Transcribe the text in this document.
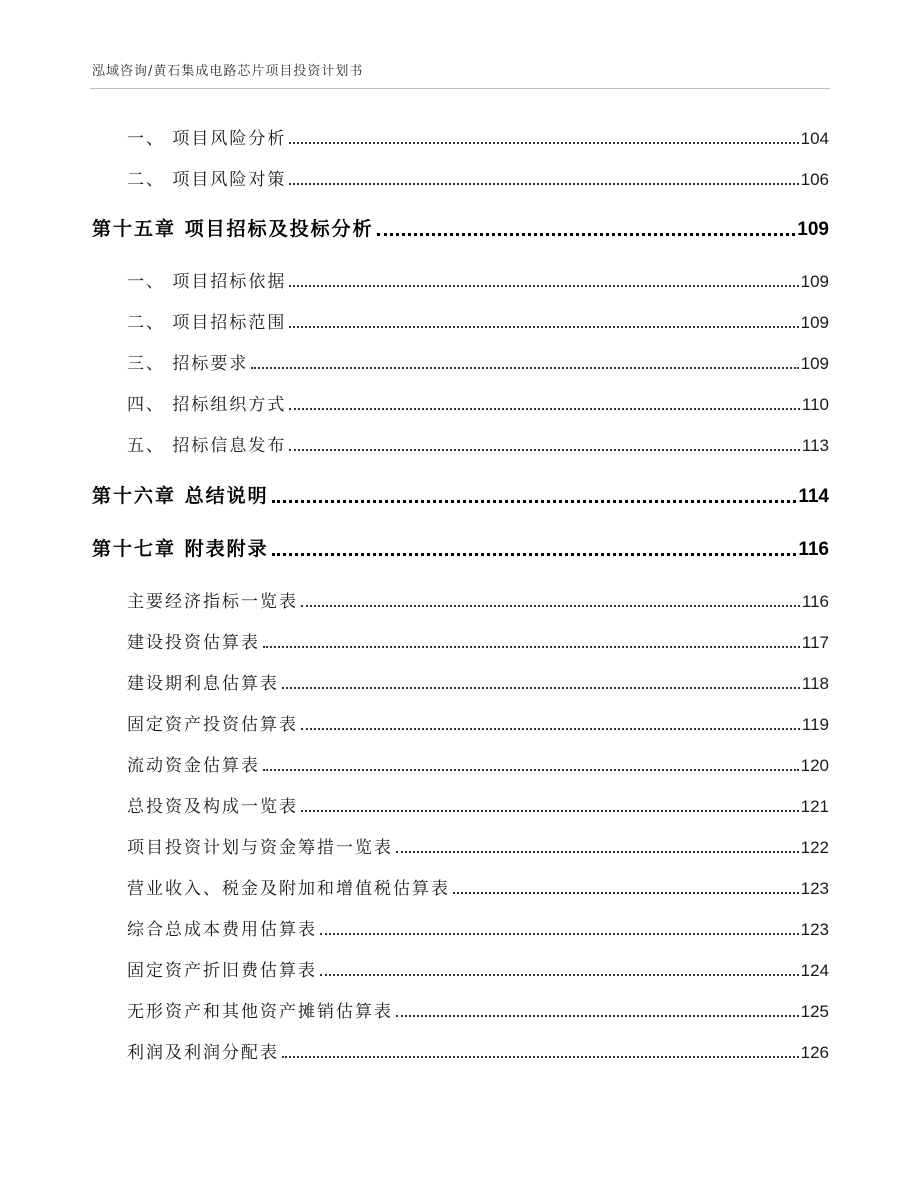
泓域咨询/黄石集成电路芯片项目投资计划书
一、 项目风险分析	104
二、 项目风险对策	106
第十五章 项目招标及投标分析	109
一、 项目招标依据	109
二、 项目招标范围	109
三、 招标要求	109
四、 招标组织方式	110
五、 招标信息发布	113
第十六章 总结说明	114
第十七章 附表附录	116
主要经济指标一览表	116
建设投资估算表	117
建设期利息估算表	118
固定资产投资估算表	119
流动资金估算表	120
总投资及构成一览表	121
项目投资计划与资金筹措一览表	122
营业收入、税金及附加和增值税估算表	123
综合总成本费用估算表	123
固定资产折旧费估算表	124
无形资产和其他资产摊销估算表	125
利润及利润分配表	126
